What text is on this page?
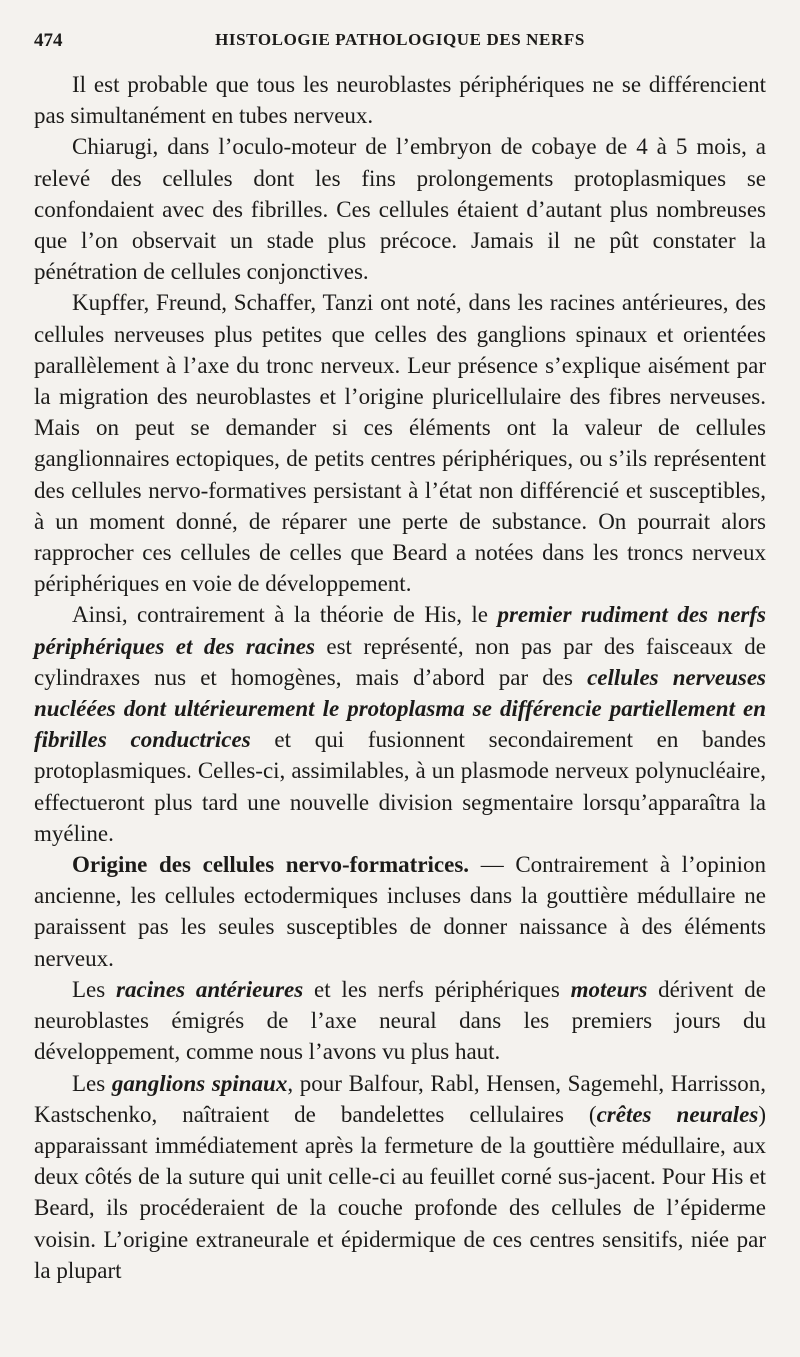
474	HISTOLOGIE PATHOLOGIQUE DES NERFS

Il est probable que tous les neuroblastes périphériques ne se différencient pas simultanément en tubes nerveux.

Chiarugi, dans l’oculo-moteur de l’embryon de cobaye de 4 à 5 mois, a relevé des cellules dont les fins prolongements protoplasmiques se confondaient avec des fibrilles. Ces cellules étaient d’autant plus nombreuses que l’on observait un stade plus précoce. Jamais il ne pût constater la pénétration de cellules conjonctives.

Kupffer, Freund, Schaffer, Tanzi ont noté, dans les racines antérieures, des cellules nerveuses plus petites que celles des ganglions spinaux et orientées parallèlement à l’axe du tronc nerveux. Leur présence s’explique aisément par la migration des neuroblastes et l’origine pluricellulaire des fibres nerveuses. Mais on peut se demander si ces éléments ont la valeur de cellules ganglionnaires ectopiques, de petits centres périphériques, ou s’ils représentent des cellules nervo-formatives persistant à l’état non différencié et susceptibles, à un moment donné, de réparer une perte de substance. On pourrait alors rapprocher ces cellules de celles que Beard a notées dans les troncs nerveux périphériques en voie de développement.

Ainsi, contrairement à la théorie de His, le premier rudiment des nerfs périphériques et des racines est représenté, non pas par des faisceaux de cylindraxes nus et homogènes, mais d’abord par des cellules nerveuses nucléées dont ultérieurement le protoplasma se différencie partiellement en fibrilles conductrices et qui fusionnent secondairement en bandes protoplasmiques. Celles-ci, assimilables, à un plasmode nerveux polynucléaire, effectueront plus tard une nouvelle division segmentaire lorsqu’apparaîtra la myéline.

Origine des cellules nervo-formatrices. — Contrairement à l’opinion ancienne, les cellules ectodermiques incluses dans la gouttière médullaire ne paraissent pas les seules susceptibles de donner naissance à des éléments nerveux.

Les racines antérieures et les nerfs périphériques moteurs dérivent de neuroblastes émigrés de l’axe neural dans les premiers jours du développement, comme nous l’avons vu plus haut.

Les ganglions spinaux, pour Balfour, Rabl, Hensen, Sagemehl, Harrisson, Kastschenko, naîtraient de bandelettes cellulaires (crêtes neurales) apparaissant immédiatement après la fermeture de la gouttière médullaire, aux deux côtés de la suture qui unit celle-ci au feuillet corné sus-jacent. Pour His et Beard, ils procéderaient de la couche profonde des cellules de l’épiderme voisin. L’origine extraneurale et épidermique de ces centres sensitifs, niée par la plupart
